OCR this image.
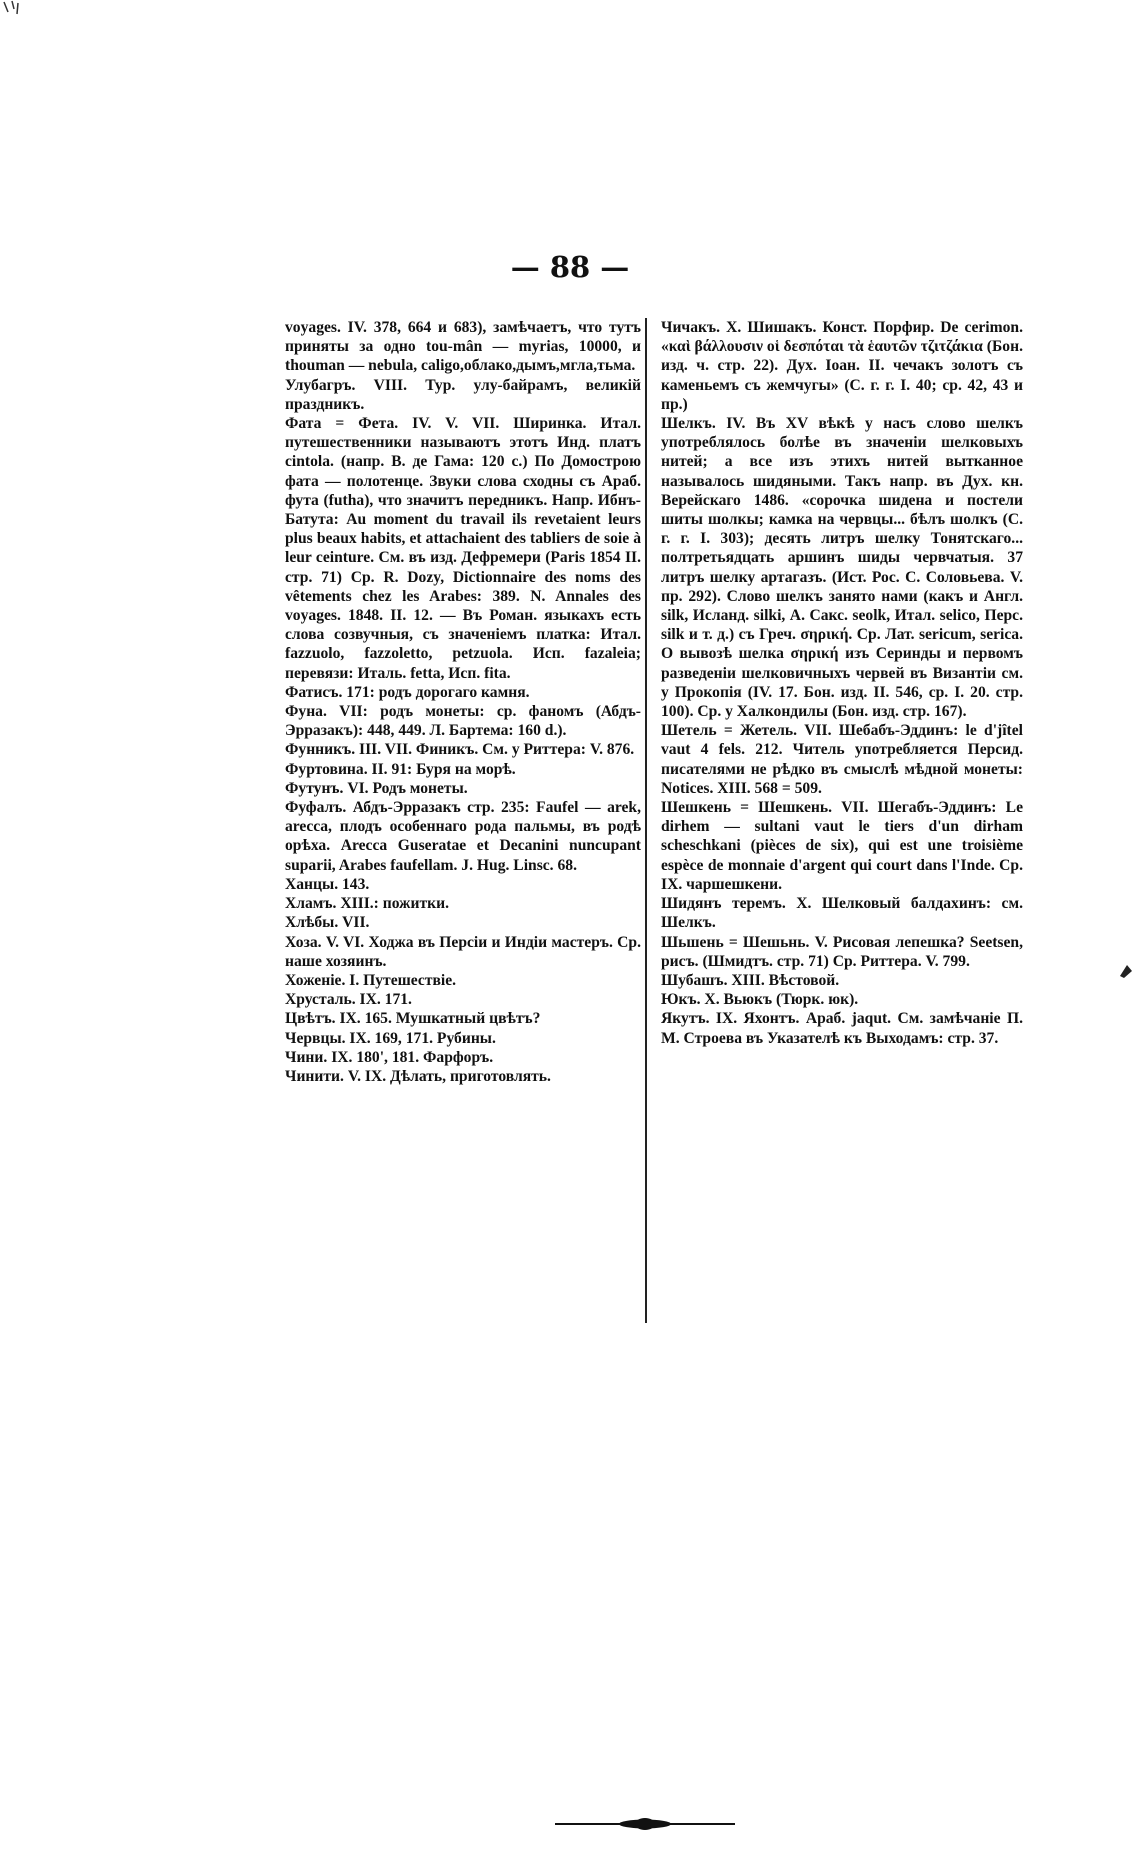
— 88 —

voyages. IV. 378, 664 и 683), замѣчаетъ, что тутъ приняты за одно tou-mân — myrias, 10000, и thouman — nebula, caligo,облако,дымъ,мгла,тьма.

Улубагръ. VIII. Тур. улу-байрамъ, великій праздникъ.

Фата = Фета. IV. V. VII. Ширинка. Итал. путешественники называютъ этотъ Инд. платъ cintola. (напр. В. де Гама: 120 с.) По Домострою фата — полотенце. Звуки слова сходны съ Араб. фута (futha), что значитъ передникъ. Напр. Ибнъ-Батута: Au moment du travail ils revetaient leurs plus beaux habits, et attachaient des tabliers de soie à leur ceinture. См. въ изд. Дефремери (Paris 1854 II. стр. 71) Ср. R. Dozy, Dictionnaire des noms des vêtements chez les Arabes: 389. N. Annales des voyages. 1848. II. 12. — Въ Роман. языкахъ есть слова созвучныя, съ значеніемъ платка: Итал. fazzuolo, fazzoletto, petzuola. Исп. fazaleia; перевязи: Италь. fetta, Исп. fita.

Фатисъ. 171: родъ дорогаго камня.

Фуна. VII: родъ монеты: ср. фаномъ (Абдъ-Эрразакъ): 448, 449. Л. Бартема: 160 d.).

Фунникъ. III. VII. Финикъ. См. у Риттера: V. 876.

Фуртовина. II. 91: Буря на морѣ.

Футунъ. VI. Родъ монеты.

Фуфалъ. Абдъ-Эрразакъ стр. 235: Faufel — arek, arecca, плодъ особеннаго рода пальмы, въ родѣ орѣха. Arecca Guseratae et Decanini nuncupant suparii, Arabes faufellam. J. Hug. Linsc. 68.

Ханцы. 143.

Хламъ. XIII.: пожитки.

Хлѣбы. VII.

Хоза. V. VI. Ходжа въ Персіи и Индіи мастеръ. Ср. наше хозяинъ.

Хоженіе. I. Путешествіе.

Хрусталь. IX. 171.

Цвѣтъ. IX. 165. Мушкатный цвѣтъ?

Червцы. IX. 169, 171. Рубины.

Чини. IX. 180', 181. Фарфоръ.

Чинити. V. IX. Дѣлать, приготовлять.

Чичакъ. X. Шишакъ. Конст. Порфир. De cerimon. «καὶ βάλλουσιν οἱ δεσπόται τὰ ἑαυτῶν τζιτζάκια (Бон. изд. ч. стр. 22). Дух. Іоан. II. чечакъ золотъ съ каменьемъ съ жемчугы» (С. г. г. I. 40; ср. 42, 43 и пр.)

Шелкъ. IV. Въ XV вѣкѣ у насъ слово шелкъ употреблялось болѣе въ значеніи шелковыхъ нитей; а все изъ этихъ нитей вытканное называлось шидяными. Такъ напр. въ Дух. кн. Верейскаго 1486. «сорочка шидена и постели шиты шолкы; камка на червцы... бѣлъ шолкъ (С. г. г. I. 303); десять литръ шелку Тонятскаго... полтретьядцать аршинъ шиды червчатыя. 37 литръ шелку артагазъ. (Ист. Рос. С. Соловьева. V. пр. 292). Слово шелкъ занято нами (какъ и Англ. silk, Исланд. silki, А. Сакс. seolk, Итал. selico, Перс. silk и т. д.) съ Греч. σηρική. Ср. Лат. sericum, serica. О вывозѣ шелка σηρική изъ Серинды и первомъ разведеніи шелковичныхъ червей въ Византіи см. у Прокопія (IV. 17. Бон. изд. II. 546, ср. I. 20. стр. 100). Ср. у Халкондилы (Бон. изд. стр. 167).

Шетель = Жетель. VII. Шебабъ-Эддинъ: le d'jîtel vaut 4 fels. 212. Читель употребляется Персид. писателями не рѣдко въ смыслѣ мѣдной монеты: Notices. XIII. 568 = 509.

Шешкень = Шешкень. VII. Шегабъ-Эддинъ: Le dirhem — sultani vaut le tiers d'un dirham scheschkani (pièces de six), qui est une troisième espèce de monnaie d'argent qui court dans l'Inde. Ср. IX. чаршешкени.

Шидянъ теремъ. X. Шелковый балдахинъ: см. Шелкъ.

Шьшень = Шешьнь. V. Рисовая лепешка? Seetsen, рисъ. (Шмидтъ. стр. 71) Ср. Риттера. V. 799.

Шубашъ. XIII. Вѣстовой.

Юкъ. X. Вьюкъ (Тюрк. юк).

Якутъ. IX. Яхонтъ. Араб. jaqut. См. замѣчаніе П. М. Строева въ Указателѣ къ Выходамъ: стр. 37.
